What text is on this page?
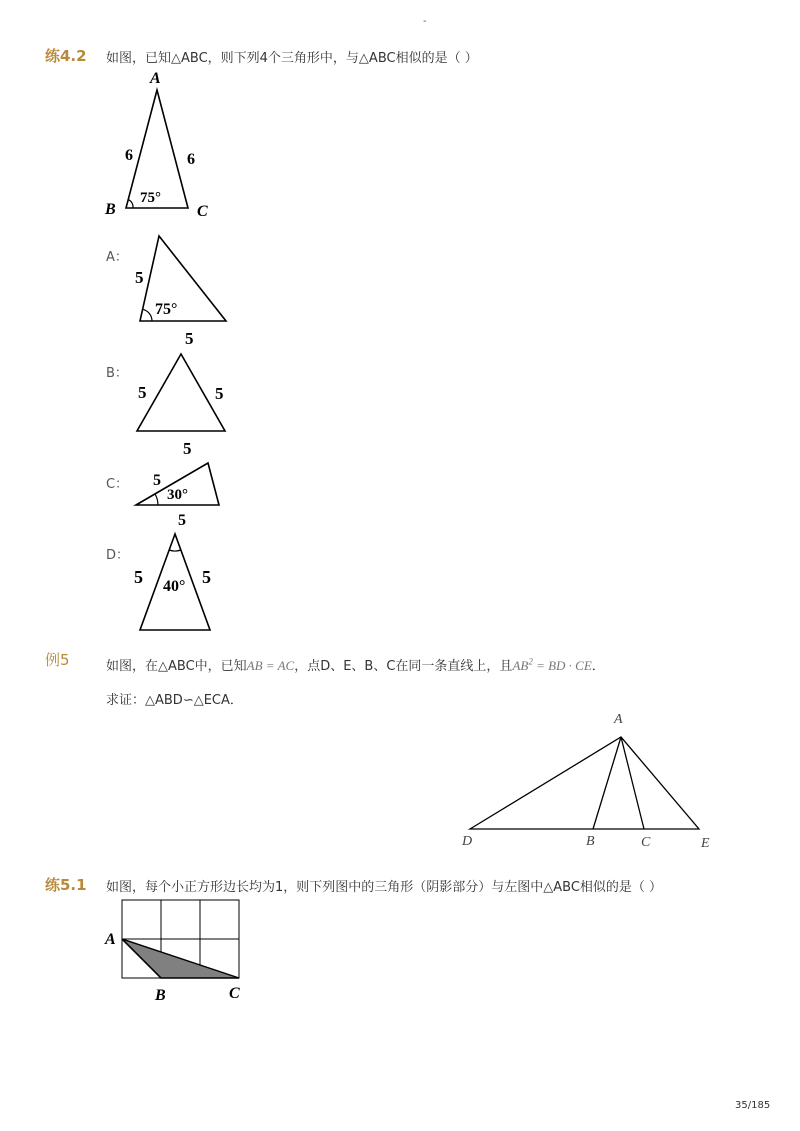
-
练4.2 如图，已知△ABC，则下列4个三角形中，与△ABC相似的是（ ）
A
B	C
6	6
75°
A：
5
75°
5
B：
5	5
5
C： 5
30°
5
D：
5 40° 5
例5	如图，在△ABC中，已知AB = AC，点D、E、B、C在同一条直线上，且$AB^2$ = BD · CE．
求证：△ABD∽△ECA．
A
D	B	C	E
练5.1 如图，每个小正方形边长均为1，则下列图中的三角形（阴影部分）与左图中△ABC相似的是（ ）
A
B	C
35/185
